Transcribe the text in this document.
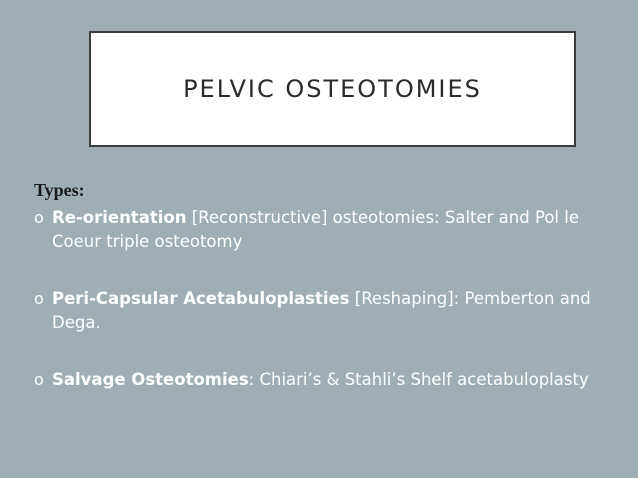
PELVIC OSTEOTOMIES
Types:
o Re-orientation [Reconstructive] osteotomies: Salter and Pol le Coeur triple osteotomy
o Peri-Capsular Acetabuloplasties [Reshaping]: Pemberton and Dega.
o Salvage Osteotomies: Chiari’s & Stahli’s Shelf acetabuloplasty
